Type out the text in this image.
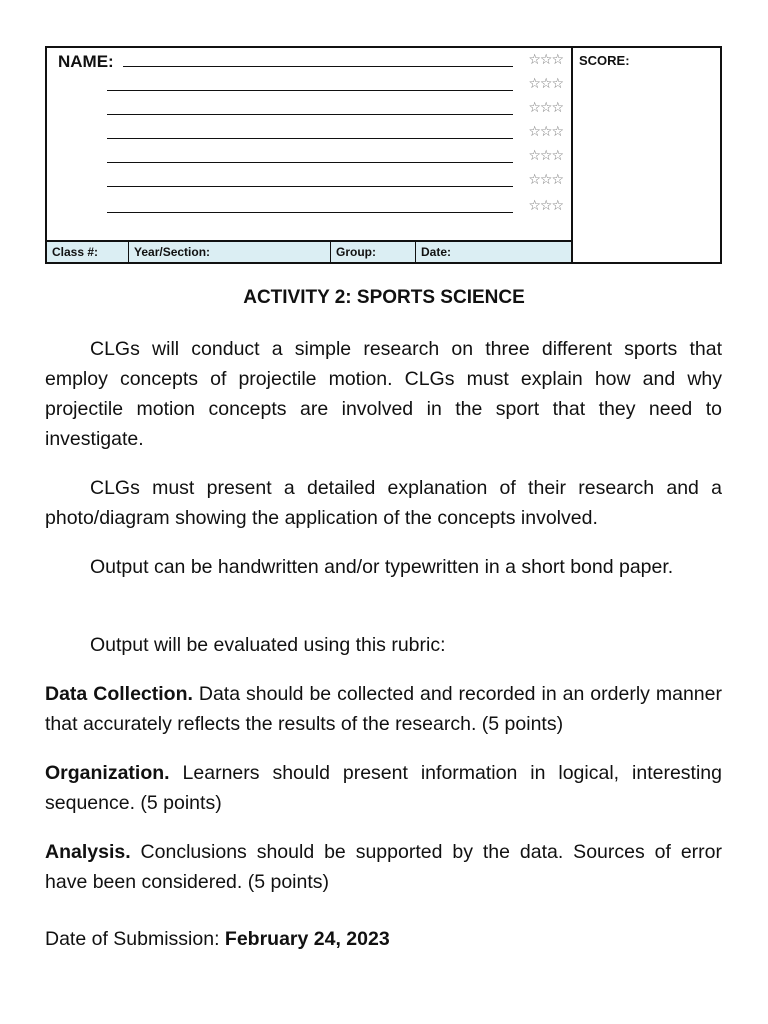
NAME:	☆☆☆
☆☆☆
☆☆☆
☆☆☆
☆☆☆
☆☆☆
☆☆☆
Class #:	Year/Section:	Group:	Date:
SCORE:
ACTIVITY 2: SPORTS SCIENCE

CLGs will conduct a simple research on three different sports that employ concepts of projectile motion. CLGs must explain how and why projectile motion concepts are involved in the sport that they need to investigate.

CLGs must present a detailed explanation of their research and a photo/diagram showing the application of the concepts involved.

Output can be handwritten and/or typewritten in a short bond paper.

Output will be evaluated using this rubric:

Data Collection. Data should be collected and recorded in an orderly manner that accurately reflects the results of the research. (5 points)

Organization. Learners should present information in logical, interesting sequence. (5 points)

Analysis. Conclusions should be supported by the data. Sources of error have been considered. (5 points)

Date of Submission: February 24, 2023
